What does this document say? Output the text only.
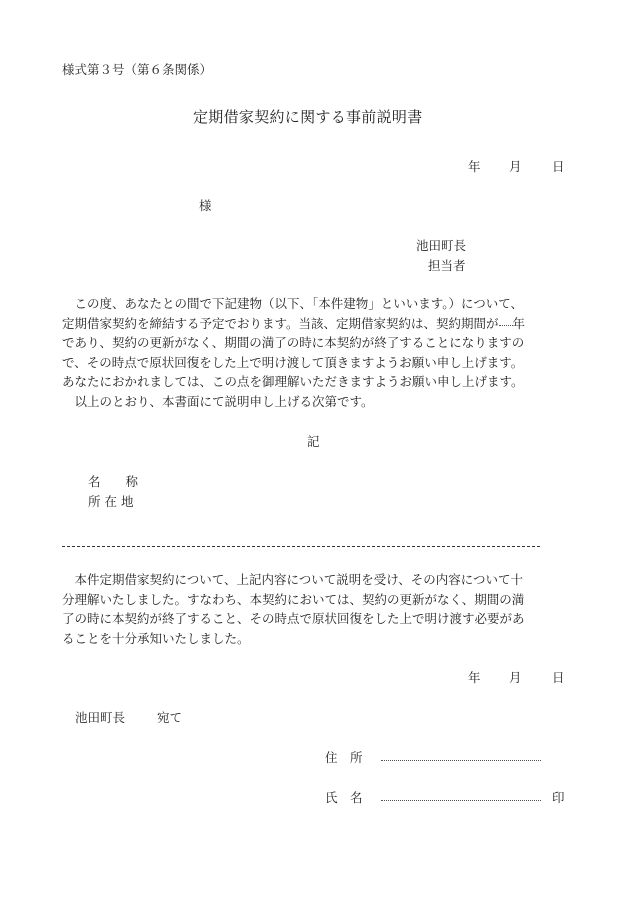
様式第３号（第６条関係）
定期借家契約に関する事前説明書
年 月 日
様
池田町長
担当者

この度、あなたとの間で下記建物（以下、「本件建物」といいます。）について、

定期借家契約を締結する予定でおります。当該、定期借家契約は、契約期間が 年

であり、契約の更新がなく、期間の満了の時に本契約が終了することになりますの

で、その時点で原状回復をした上で明け渡して頂きますようお願い申し上げます。

あなたにおかれましては、この点を御理解いただきますようお願い申し上げます。

以上のとおり、本書面にて説明申し上げる次第です。

記
名　　称
所 在 地

本件定期借家契約について、上記内容について説明を受け、その内容について十

分理解いたしました。すなわち、本契約においては、契約の更新がなく、期間の満

了の時に本契約が終了すること、その時点で原状回復をした上で明け渡す必要があ

ることを十分承知いたしました。

年 月 日
池田町長	宛て
住　所
氏　名	印
